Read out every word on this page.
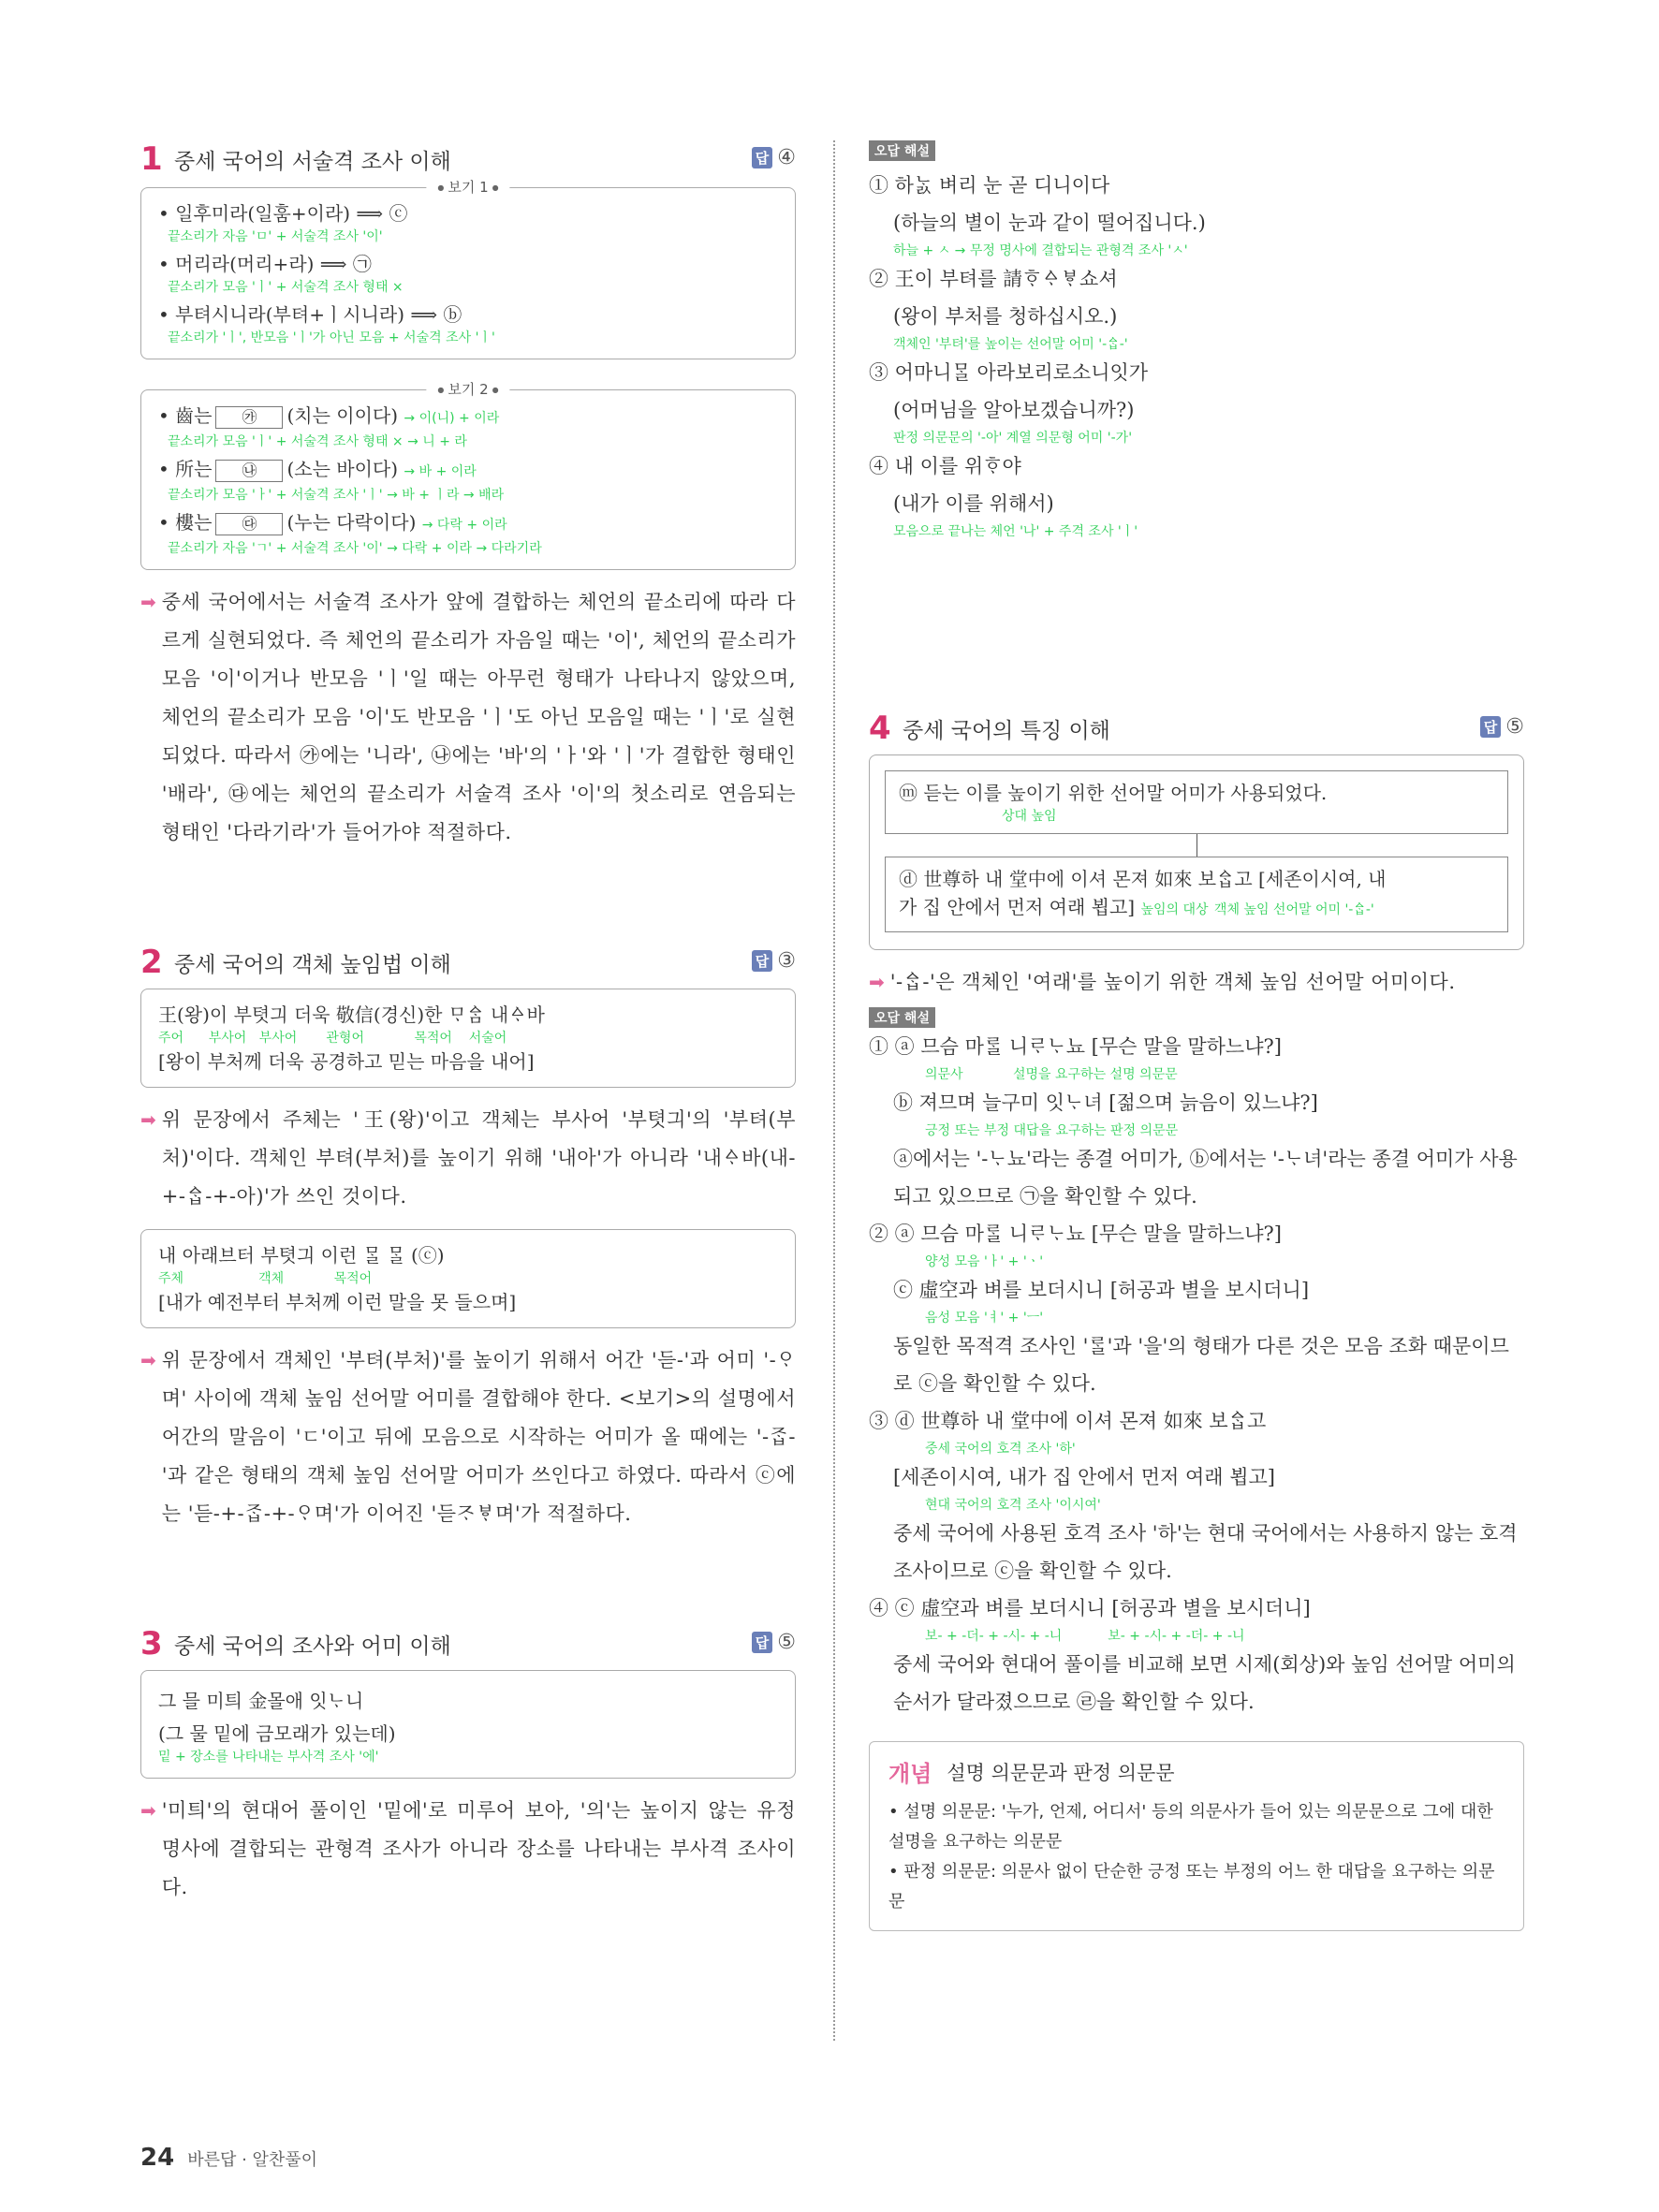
1 중세 국어의 서술격 조사 이해	답 ④
● 보기 1 ●
• 일후미라(일훔+이라) ⟹ ⓒ
끝소리가 자음 'ㅁ' + 서술격 조사 '이'
• 머리라(머리+라) ⟹ ㉠
끝소리가 모음 'ㅣ' + 서술격 조사 형태 ×
• 부텨시니라(부텨+ㅣ시니라) ⟹ ⓑ
끝소리가 'ㅣ', 반모음 'ㅣ'가 아닌 모음 + 서술격 조사 'ㅣ'
● 보기 2 ●
• 齒는 ㉮ (치는 이이다) → 이(니) + 이라
끝소리가 모음 'ㅣ' + 서술격 조사 형태 × → 니 + 라
• 所는 ㉯ (소는 바이다) → 바 + 이라
끝소리가 모음 'ㅏ' + 서술격 조사 'ㅣ' → 바 + ㅣ라 → 배라
• 樓는 ㉰ (누는 다락이다) → 다락 + 이라
끝소리가 자음 'ㄱ' + 서술격 조사 '이' → 다락 + 이라 → 다라기라
➡ 중세 국어에서는 서술격 조사가 앞에 결합하는 체언의 끝소리에 따라 다르게 실현되었다. 즉 체언의 끝소리가 자음일 때는 '이', 체언의 끝소리가 모음 '이'이거나 반모음 'ㅣ'일 때는 아무런 형태가 나타나지 않았으며, 체언의 끝소리가 모음 '이'도 반모음 'ㅣ'도 아닌 모음일 때는 'ㅣ'로 실현되었다. 따라서 ㉮에는 '니라', ㉯에는 '바'의 'ㅏ'와 'ㅣ'가 결합한 형태인 '배라', ㉰에는 체언의 끝소리가 서술격 조사 '이'의 첫소리로 연음되는 형태인 '다라기라'가 들어가야 적절하다.

2 중세 국어의 객체 높임법 이해	답 ③
王(왕)이 부텻긔 더욱 敬信(경신)한 ᄆᆞᅀᆞᆷ 내ᅀᆞ바
주어      부사어   부사어       관형어            목적어    서술어
[왕이 부처께 더욱 공경하고 믿는 마음을 내어]
➡ 위 문장에서 주체는 '王(왕)'이고 객체는 부사어 '부텻긔'의 '부텨(부처)'이다. 객체인 부텨(부처)를 높이기 위해 '내아'가 아니라 '내ᅀᆞ바(내-+-ᅀᆞᆸ-+-아)'가 쓰인 것이다.

내 아래브터 부텻긔 이런 ᄆᆞᆯ ᄆᆞᆯ (ⓒ)
주체                  객체            목적어
[내가 예전부터 부처께 이런 말을 못 들으며]
➡ 위 문장에서 객체인 '부텨(부처)'를 높이기 위해서 어간 '듣-'과 어미 '-ᄋᆞ며' 사이에 객체 높임 선어말 어미를 결합해야 한다. <보기>의 설명에서 어간의 말음이 'ㄷ'이고 뒤에 모음으로 시작하는 어미가 올 때에는 '-ᄌᆞᆸ-'과 같은 형태의 객체 높임 선어말 어미가 쓰인다고 하였다. 따라서 ⓒ에는 '듣-+-ᄌᆞᆸ-+-ᄋᆞ며'가 이어진 '듣ᄌᆞᄫᆞ며'가 적절하다.

3 중세 국어의 조사와 어미 이해	답 ⑤
그 믈 미틔 金몰애 잇ᄂᆞ니
(그 물 밑에 금모래가 있는데)
밑 + 장소를 나타내는 부사격 조사 '에'
➡ '미틔'의 현대어 풀이인 '밑에'로 미루어 보아, '의'는 높이지 않는 유정 명사에 결합되는 관형격 조사가 아니라 장소를 나타내는 부사격 조사이다.

오답 해설
① 하ᄂᆞᆳ 벼리 눈 곧 디니이다
(하늘의 별이 눈과 같이 떨어집니다.)
하늘 + ㅅ → 무정 명사에 결합되는 관형격 조사 'ㅅ'
② 王이 부텨를 請ᄒᆞᅀᆞᄫᆞ쇼셔
(왕이 부처를 청하십시오.)
객체인 '부텨'를 높이는 선어말 어미 '-ᅀᆞᆸ-'
③ 어마니ᄆᆞᆯ 아라보리로소니잇가
(어머님을 알아보겠습니까?)
판정 의문문의 '-아' 계열 의문형 어미 '-가'
④ 내 이를 위ᄒᆞ야
(내가 이를 위해서)
모음으로 끝나는 체언 '나' + 주격 조사 'ㅣ'
4 중세 국어의 특징 이해	답 ⑤
ⓜ 듣는 이를 높이기 위한 선어말 어미가 사용되었다.
상대 높임
ⓓ 世尊하 내 堂中에 이셔 몬져 如來 보ᅀᆞᆸ고 [세존이시여, 내
가 집 안에서 먼저 여래 뵙고] 높임의 대상 객체 높임 선어말 어미 '-ᅀᆞᆸ-'
➡ '-ᅀᆞᆸ-'은 객체인 '여래'를 높이기 위한 객체 높임 선어말 어미이다.

오답 해설
① ⓐ 므슴 마ᄅᆞᆯ 니ᄅᆞᄂᆞ뇨 [무슨 말을 말하느냐?]
의문사            설명을 요구하는 설명 의문문
ⓑ 져므며 늘구미 잇ᄂᆞ녀 [젊으며 늙음이 있느냐?]
긍정 또는 부정 대답을 요구하는 판정 의문문
ⓐ에서는 '-ᄂᆞ뇨'라는 종결 어미가, ⓑ에서는 '-ᄂᆞ녀'라는 종결 어미가 사용되고 있으므로 ㉠을 확인할 수 있다.
② ⓐ 므슴 마ᄅᆞᆯ 니ᄅᆞᄂᆞ뇨 [무슨 말을 말하느냐?]
양성 모음 'ㅏ' + 'ㆍ'
ⓒ 虛空과 벼를 보더시니 [허공과 별을 보시더니]
음성 모음 'ㅕ' + 'ㅡ'
동일한 목적격 조사인 'ᄅᆞᆯ'과 '을'의 형태가 다른 것은 모음 조화 때문이므로 ⓒ을 확인할 수 있다.
③ ⓓ 世尊하 내 堂中에 이셔 몬져 如來 보ᅀᆞᆸ고
중세 국어의 호격 조사 '하'
[세존이시여, 내가 집 안에서 먼저 여래 뵙고]
현대 국어의 호격 조사 '이시여'
중세 국어에 사용된 호격 조사 '하'는 현대 국어에서는 사용하지 않는 호격 조사이므로 ⓒ을 확인할 수 있다.
④ ⓒ 虛空과 벼를 보더시니 [허공과 별을 보시더니]
보- + -더- + -시- + -니           보- + -시- + -더- + -니
중세 국어와 현대어 풀이를 비교해 보면 시제(회상)와 높임 선어말 어미의 순서가 달라졌으므로 ㉣을 확인할 수 있다.
개념 설명 의문문과 판정 의문문
• 설명 의문문: '누가, 언제, 어디서' 등의 의문사가 들어 있는 의문문으로 그에 대한 설명을 요구하는 의문문
• 판정 의문문: 의문사 없이 단순한 긍정 또는 부정의 어느 한 대답을 요구하는 의문문
24 바른답 · 알찬풀이
